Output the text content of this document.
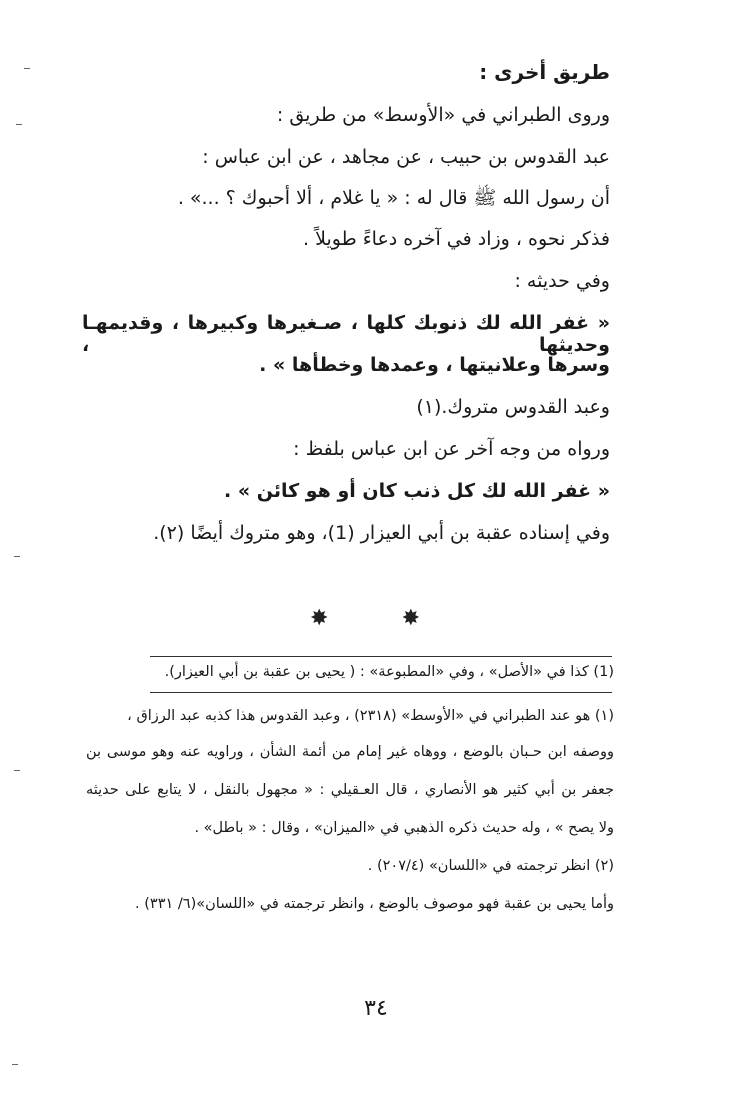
طريق أخرى :
وروى الطبراني في «الأوسط» من طريق :
عبد القدوس بن حبيب ، عن مجاهد ، عن ابن عباس :
أن رسول الله ﷺ قال له : « يا غلام ، ألا أحبوك ؟ ...» .
فذكر نحوه ، وزاد في آخره دعاءً طويلاً .
وفي حديثه :
« غفر الله لك ذنوبك كلها ، صـغيرها وكبيرها ، وقديمهـا وحديثها ،
وسرها وعلانيتها ، وعمدها وخطأها » .
وعبد القدوس متروك.(١)
ورواه من وجه آخر عن ابن عباس بلفظ :
« غفر الله لك كل ذنب كان أو هو كائن » .
وفي إسناده عقبة بن أبي العيزار (1)، وهو متروك أيضًا (٢).
✸	✸
(1) كذا في «الأصل» ، وفي «المطبوعة» : ( يحيى بن عقبة بن أبي العيزار).
(١) هو عند الطبراني في «الأوسط» (٢٣١٨) ، وعبد القدوس هذا كذبه عبد الرزاق ،
ووصفه ابن حـبان بالوضع ، ووهاه غير إمام من أئمة الشأن ، وراويه عنه وهو موسى بن
جعفر بن أبي كثير هو الأنصاري ، قال العـقيلي : « مجهول بالنقل ، لا يتابع على حديثه
ولا يصح » ، وله حديث ذكره الذهبي في «الميزان» ، وقال : « باطل» .
(٢) انظر ترجمته في «اللسان» (٢٠٧/٤) .
وأما يحيى بن عقبة فهو موصوف بالوضع ، وانظر ترجمته في «اللسان»(٦/ ٣٣١) .
٣٤
